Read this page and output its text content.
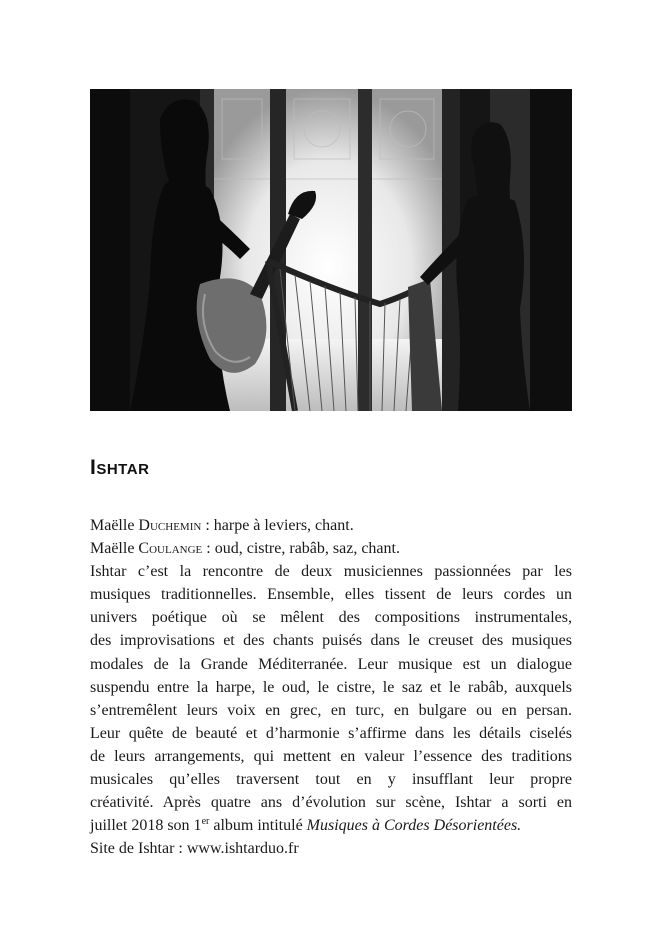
Ishtar
Maëlle Duchemin : harpe à leviers, chant.
Maëlle Coulange : oud, cistre, rabâb, saz, chant.
Ishtar c’est la rencontre de deux musiciennes passionnées par les
musiques traditionnelles. Ensemble, elles tissent de leurs cordes un
univers poétique où se mêlent des compositions instrumentales,
des improvisations et des chants puisés dans le creuset des musiques
modales de la Grande Méditerranée. Leur musique est un dialogue
suspendu entre la harpe, le oud, le cistre, le saz et le rabâb, auxquels
s’entremêlent leurs voix en grec, en turc, en bulgare ou en persan.
Leur quête de beauté et d’harmonie s’affirme dans les détails ciselés
de leurs arrangements, qui mettent en valeur l’essence des traditions
musicales qu’elles traversent tout en y insufflant leur propre
créativité. Après quatre ans d’évolution sur scène, Ishtar a sorti en
juillet 2018 son 1er album intitulé Musiques à Cordes Désorientées.
Site de Ishtar : www.ishtarduo.fr
